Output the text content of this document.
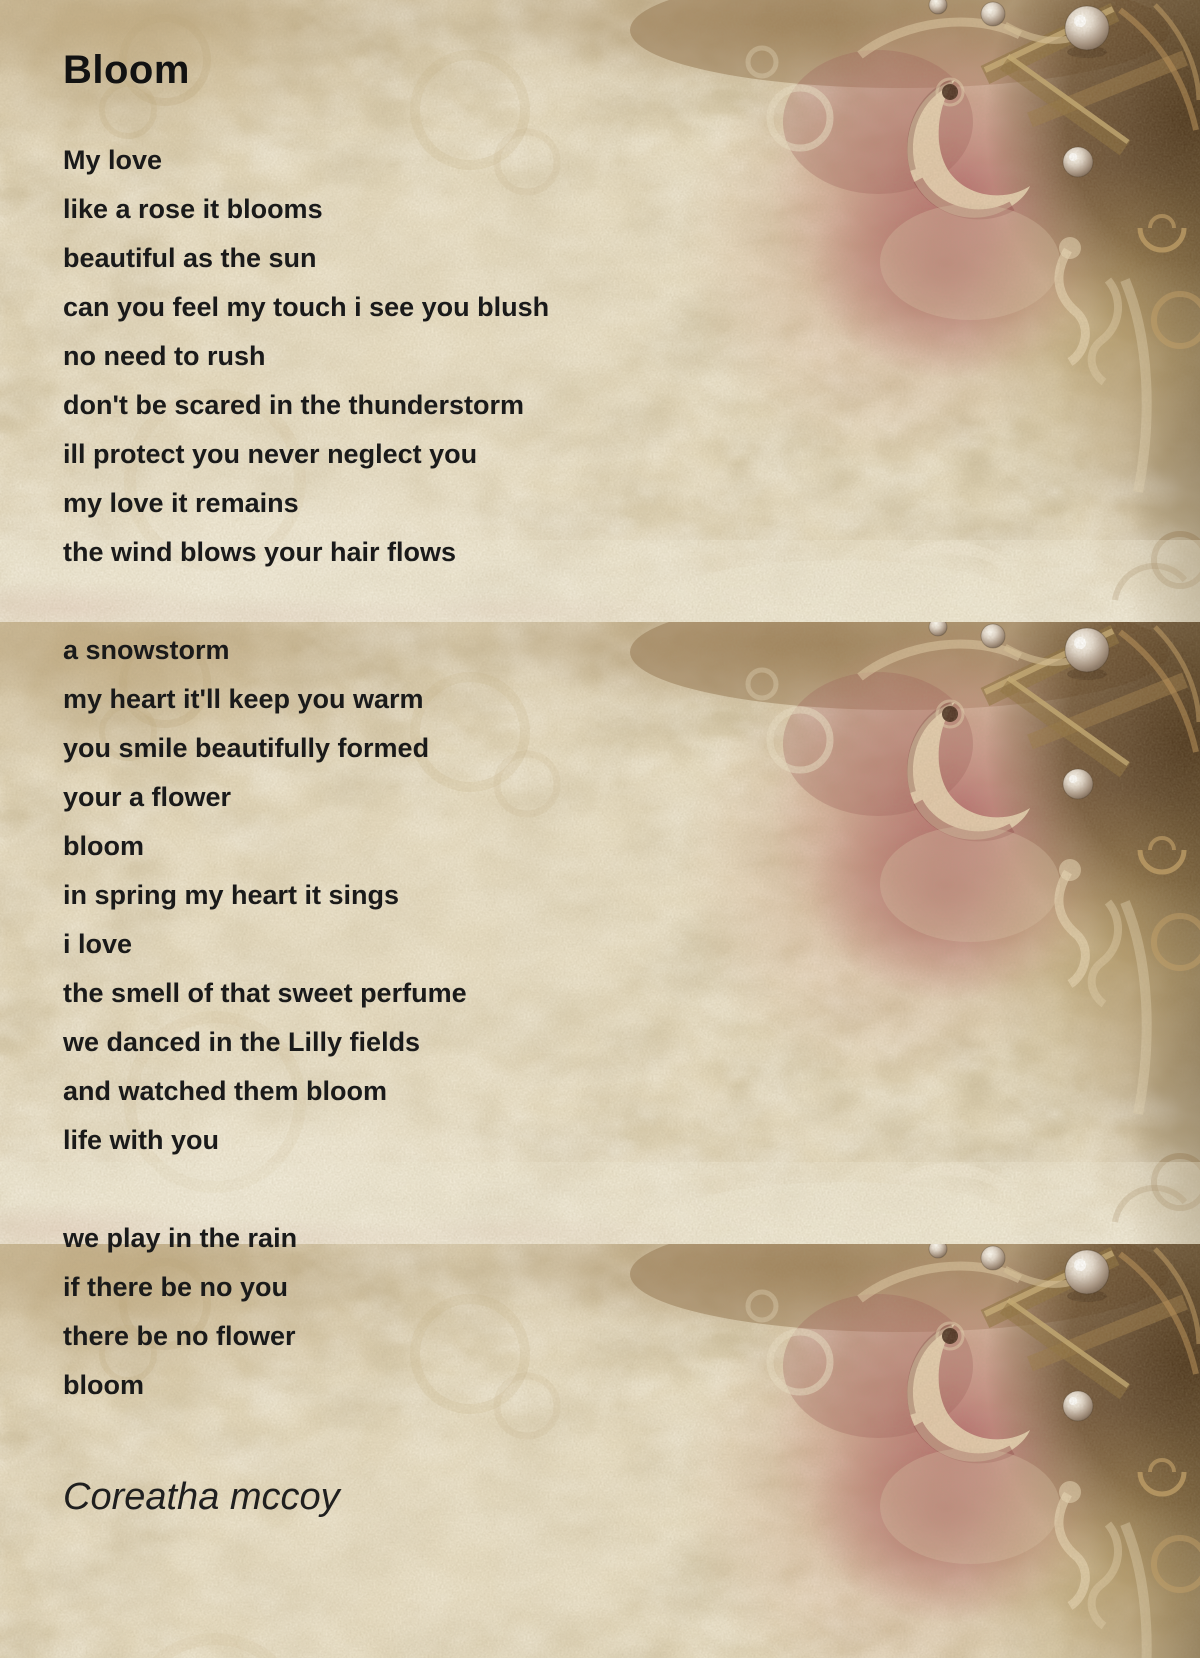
Bloom
My love
like a rose it blooms
beautiful as the sun
can you feel my touch i see you blush
no need to rush
don't be scared in the thunderstorm
ill protect you never neglect you
my love it remains
the wind blows your hair flows
a snowstorm
my heart it'll keep you warm
you smile beautifully formed
your a flower
bloom
in spring my heart it sings
i love
the smell of that sweet perfume
we danced in the Lilly fields
and watched them bloom
life with you
we play in the rain
if there be no you
there be no flower
bloom
Coreatha mccoy
